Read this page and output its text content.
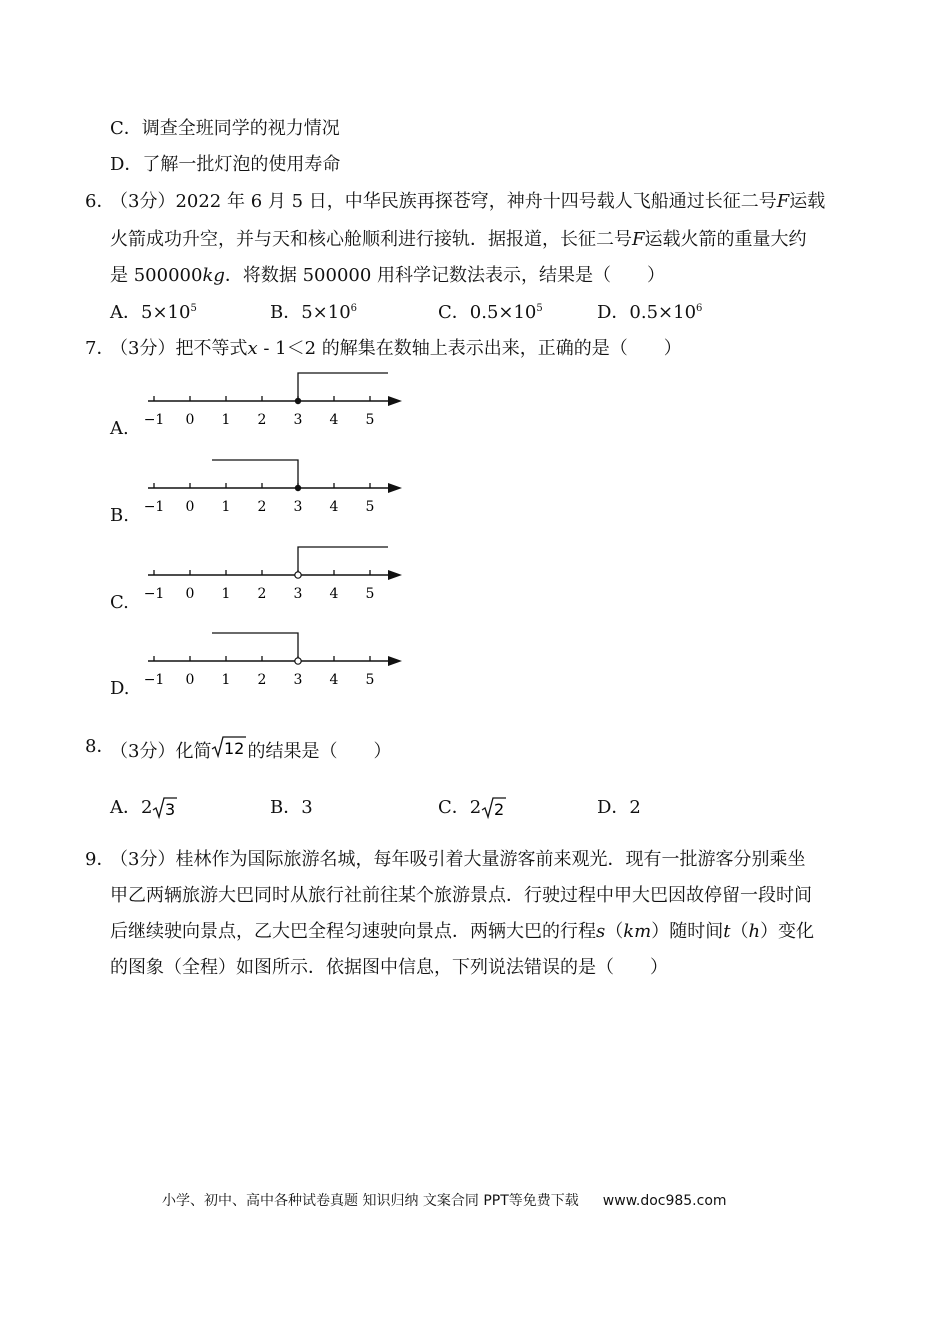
C．调查全班同学的视力情况
D．了解一批灯泡的使用寿命
6．
（3分）2022 年 6 月 5 日，中华民族再探苍穹，神舟十四号载人飞船通过长征二号F运载
火箭成功升空，并与天和核心舱顺利进行接轨．据报道，长征二号F运载火箭的重量大约
是 500000kg．将数据 500000 用科学记数法表示，结果是（　　）
A．$5\times 10^5$	B．$5\times 10^6$	C．$0.5\times 10^5$	D．$0.5\times 10^6$
7．
（3分）把不等式x - 1＜2 的解集在数轴上表示出来，正确的是（　　）
A. −1 0 1 2 3 4 5
B. −1 0 1 2 3 4 5
C. −1 0 1 2 3 4 5
D. −1 0 1 2 3 4 5
8．
（3分）化简 12 的结果是（　　）
A．2 3	B．3	C．2 2	D．2
9．
（3分）桂林作为国际旅游名城，每年吸引着大量游客前来观光．现有一批游客分别乘坐
甲乙两辆旅游大巴同时从旅行社前往某个旅游景点．行驶过程中甲大巴因故停留一段时间
后继续驶向景点，乙大巴全程匀速驶向景点．两辆大巴的行程s（km）随时间t（h）变化
的图象（全程）如图所示．依据图中信息，下列说法错误的是（　　）
小学、初中、高中各种试卷真题 知识归纳 文案合同 PPT等免费下载 www.doc985.com
